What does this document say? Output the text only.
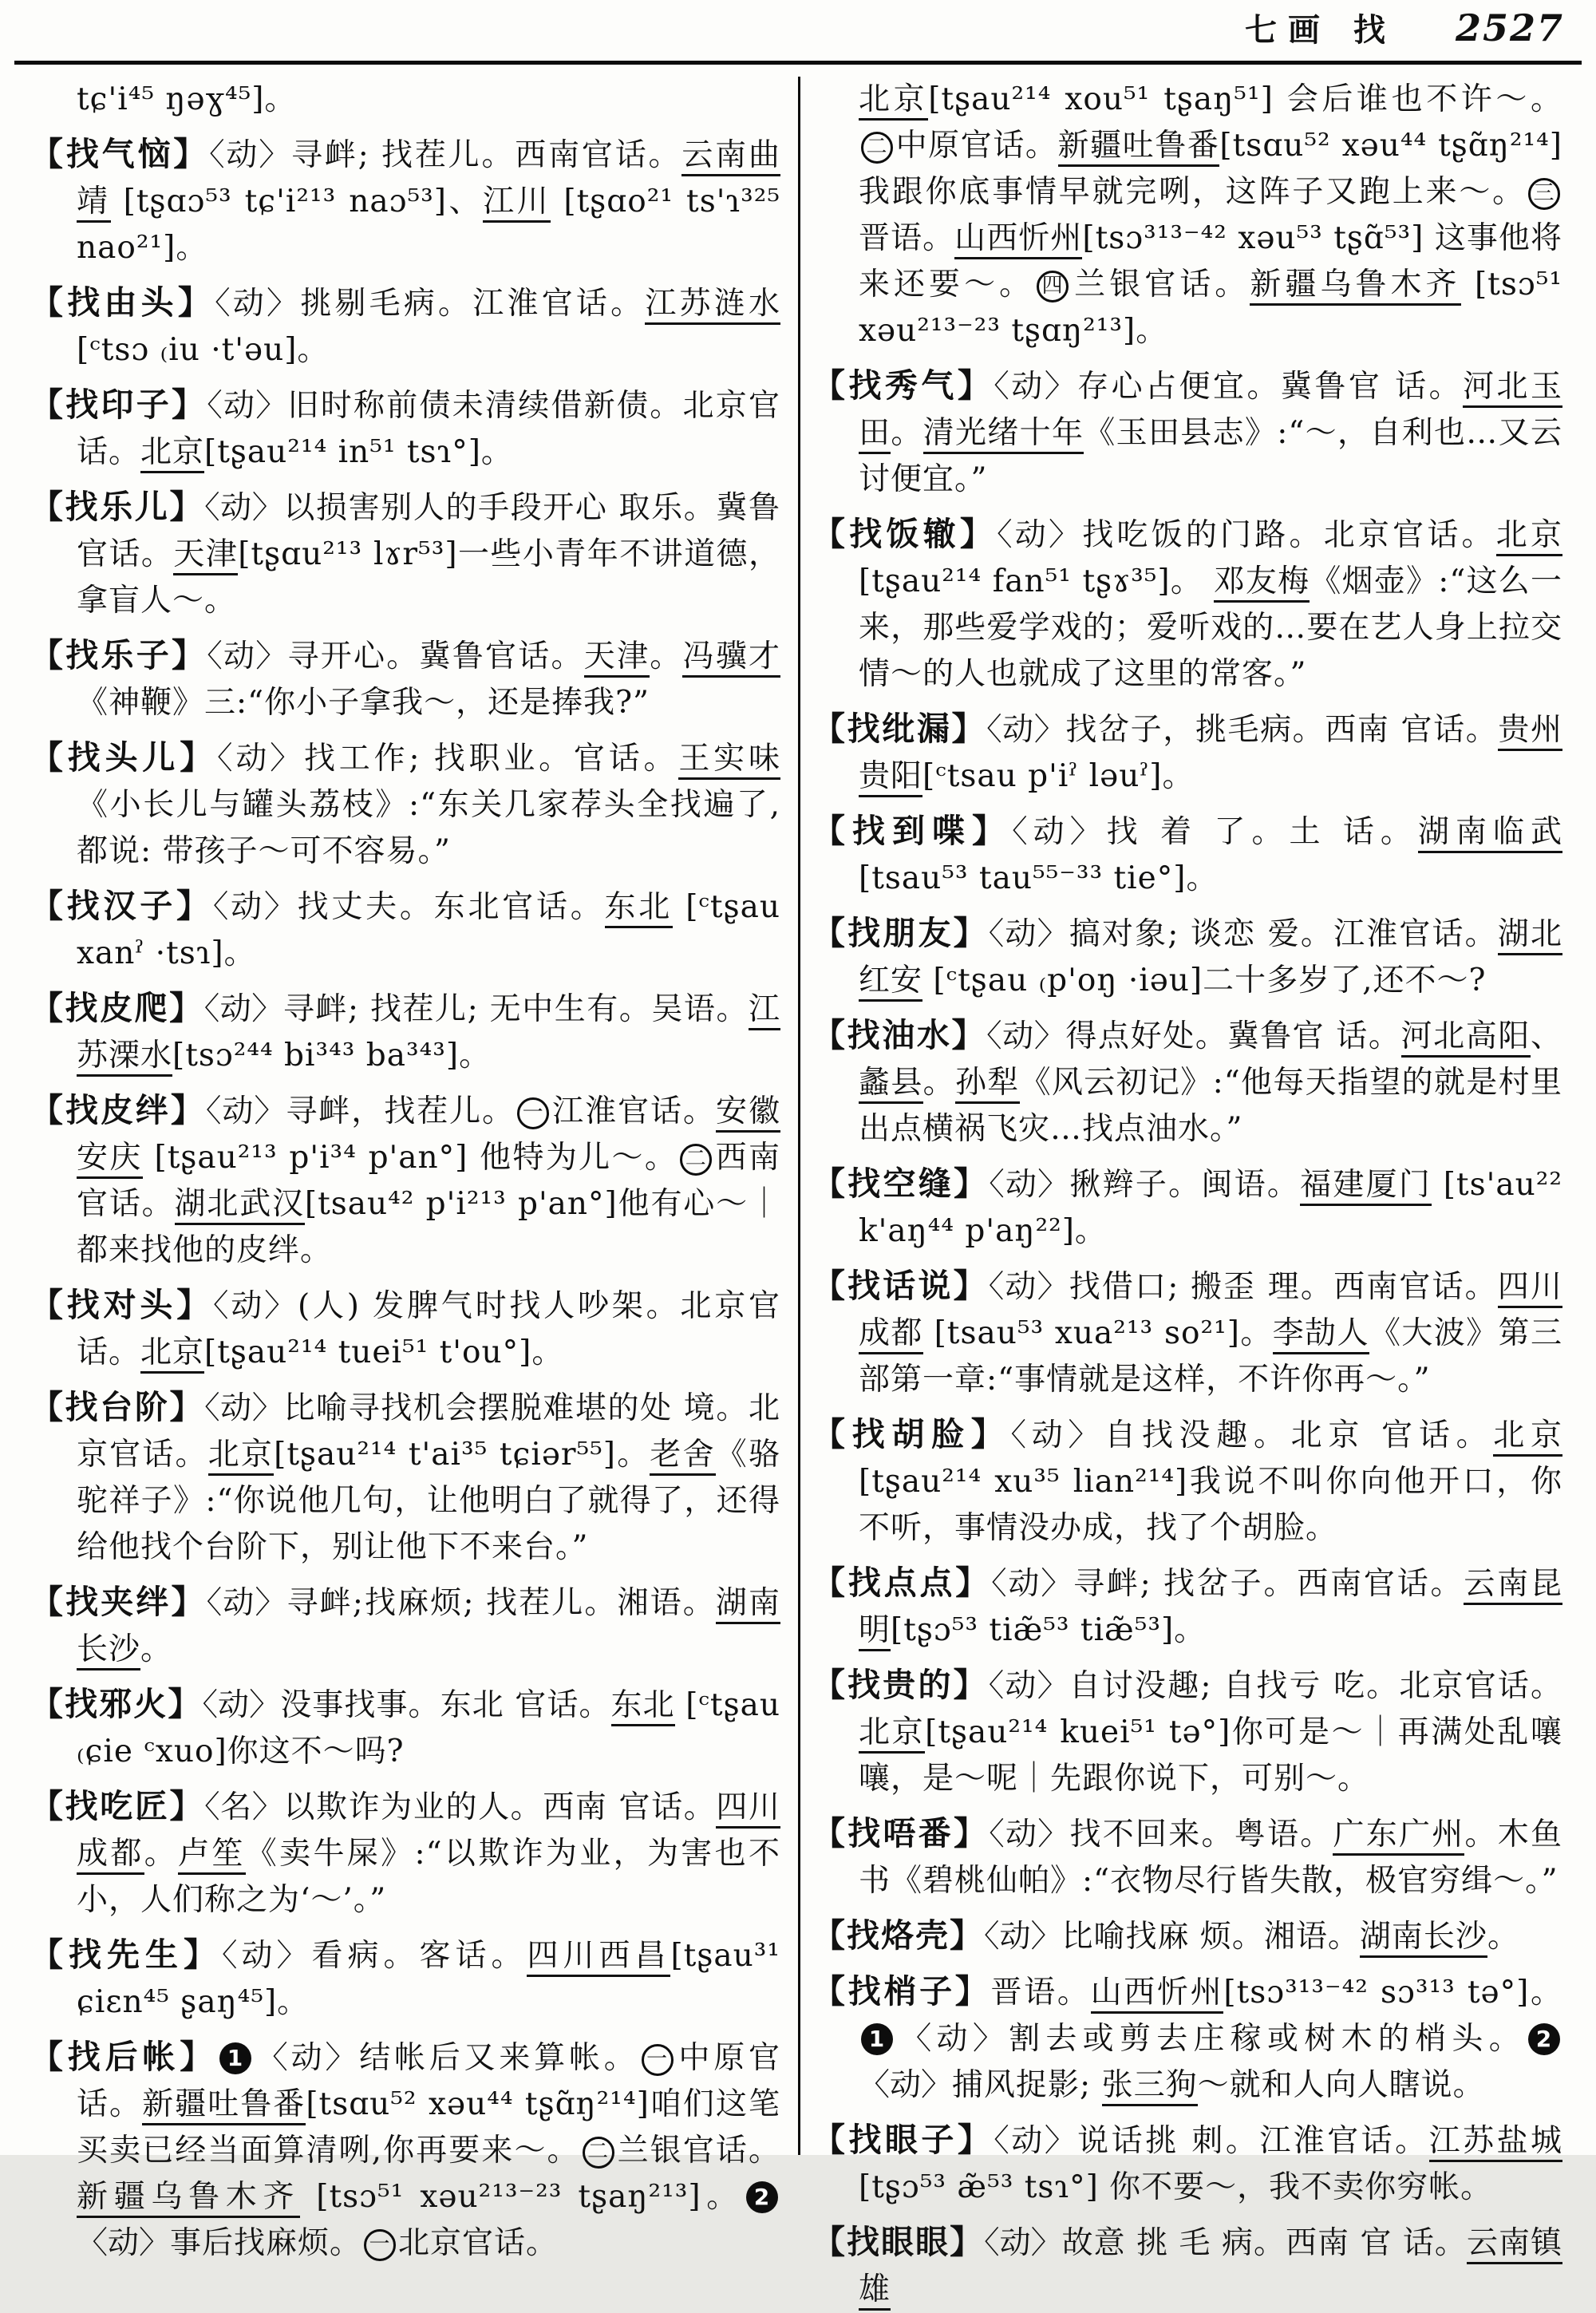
七画 找 2527

tɕ'i⁴⁵ ŋəɣ⁴⁵]。

【找气恼】〈动〉寻衅; 找茬儿。西南官话。云南曲靖 [tʂɑɔ⁵³ tɕ'i²¹³ naɔ⁵³]、江川 [tʂɑo²¹ ts'ɿ³²⁵ nao²¹]。

【找由头】〈动〉挑剔毛病。江淮官话。江苏涟水[ᶜtsɔ ₍iu ·t'əu]。

【找印子】〈动〉旧时称前债未清续借新债。北京官话。北京[tʂau²¹⁴ in⁵¹ tsɿ°]。

【找乐儿】〈动〉以损害别人的手段开心 取乐。冀鲁官话。天津[tʂɑu²¹³ lɤr⁵³]一些小青年不讲道德，拿盲人～。

【找乐子】〈动〉寻开心。冀鲁官话。天津。冯骥才《神鞭》三:“你小子拿我～，还是捧我?”

【找头儿】〈动〉找工作; 找职业。官话。王实味《小长儿与罐头荔枝》:“东关几家荐头全找遍了,都说: 带孩子～可不容易。”

【找汉子】〈动〉找丈夫。东北官话。东北 [ᶜtʂau xanˀ ·tsɿ]。

【找皮爬】〈动〉寻衅; 找茬儿; 无中生有。吴语。江苏溧水[tsɔ²⁴⁴ bi³⁴³ ba³⁴³]。

【找皮绊】〈动〉寻衅，找茬儿。 一 江淮官话。安徽安庆 [tʂau²¹³ p'i³⁴ p'an°] 他特为儿～。 二 西南官话。湖北武汉[tsau⁴² p'i²¹³ p'an°]他有心～｜都来找他的皮绊。

【找对头】〈动〉(人) 发脾气时找人吵架。北京官话。北京[tʂau²¹⁴ tuei⁵¹ t'ou°]。

【找台阶】〈动〉比喻寻找机会摆脱难堪的处 境。北京官话。北京[tʂau²¹⁴ t'ai³⁵ tɕiər⁵⁵]。老舍《骆驼祥子》:“你说他几句，让他明白了就得了，还得给他找个台阶下，别让他下不来台。”

【找夹绊】〈动〉寻衅;找麻烦; 找茬儿。湘语。湖南长沙。

【找邪火】〈动〉没事找事。东北 官话。东北 [ᶜtʂau ₍ɕie ᶜxuo]你这不～吗?

【找吃匠】〈名〉以欺诈为业的人。西南 官话。四川成都。卢笙《卖牛屎》:“以欺诈为业，为害也不小，人们称之为‘～’。”

【找先生】〈动〉看病。客话。四川西昌[tʂau³¹ ɕiɛn⁴⁵ ʂaŋ⁴⁵]。

【找后帐】 1 〈动〉结帐后又来算帐。 一 中原官话。新疆吐鲁番[tsɑu⁵² xəu⁴⁴ tʂɑ̃ŋ²¹⁴]咱们这笔买卖已经当面算清咧,你再要来～。 二 兰银官话。新疆乌鲁木齐 [tsɔ⁵¹ xəu²¹³⁻²³ tʂaŋ²¹³]。 2〈动〉事后找麻烦。 一 北京官话。

北京[tʂau²¹⁴ xou⁵¹ tʂaŋ⁵¹] 会后谁也不许～。二 中原官话。新疆吐鲁番[tsɑu⁵² xəu⁴⁴ tʂɑ̃ŋ²¹⁴]我跟你底事情早就完咧，这阵子又跑上来～。 三晋语。山西忻州[tsɔ³¹³⁻⁴² xəu⁵³ tʂɑ̃⁵³] 这事他将来还要～。 四 兰银官话。新疆乌鲁木齐 [tsɔ⁵¹ xəu²¹³⁻²³ tʂɑŋ²¹³]。

【找秀气】〈动〉存心占便宜。冀鲁官 话。河北玉田。清光绪十年《玉田县志》:“～，自利也…又云讨便宜。”

【找饭辙】〈动〉找吃饭的门路。北京官话。北京[tʂau²¹⁴ fan⁵¹ tʂɤ³⁵]。 邓友梅《烟壶》:“这么一来，那些爱学戏的；爱听戏的…要在艺人身上拉交情～的人也就成了这里的常客。”

【找纰漏】〈动〉找岔子，挑毛病。西南 官话。贵州贵阳[ᶜtsau p'iˀ ləuˀ]。

【找到喋】〈动〉找 着 了。土 话。湖南临武 [tsau⁵³ tau⁵⁵⁻³³ tie°]。

【找朋友】〈动〉搞对象; 谈恋 爱。江淮官话。湖北红安 [ᶜtʂau ₍p'oŋ ·iəu]二十多岁了,还不～?

【找油水】〈动〉得点好处。冀鲁官 话。河北高阳、蠡县。孙犁《风云初记》:“他每天指望的就是村里出点横祸飞灾…找点油水。”

【找空缝】〈动〉揪辫子。闽语。福建厦门 [ts'au²² k'aŋ⁴⁴ p'aŋ²²]。

【找话说】〈动〉找借口; 搬歪 理。西南官话。四川成都 [tsau⁵³ xua²¹³ so²¹]。李劼人《大波》第三部第一章:“事情就是这样，不许你再～。”

【找胡脸】〈动〉自找没趣。北京 官话。北京 [tʂau²¹⁴ xu³⁵ lian²¹⁴]我说不叫你向他开口，你不听，事情没办成，找了个胡脸。

【找点点】〈动〉寻衅; 找岔子。西南官话。云南昆明[tʂɔ⁵³ tiæ̃⁵³ tiæ̃⁵³]。

【找贵的】〈动〉自讨没趣; 自找亏 吃。北京官话。北京[tʂau²¹⁴ kuei⁵¹ tə°]你可是～｜再满处乱嚷嚷，是～呢｜先跟你说下，可别～。

【找唔番】〈动〉找不回来。粤语。广东广州。木鱼书《碧桃仙帕》:“衣物尽行皆失散，极官穷缉～。”

【找烙壳】〈动〉比喻找麻 烦。湘语。湖南长沙。

【找梢子】晋语。山西忻州[tsɔ³¹³⁻⁴² sɔ³¹³ tə°]。1 〈动〉割去或剪去庄稼或树木的梢头。 2〈动〉捕风捉影; 张三狗～就和人向人瞎说。

【找眼子】〈动〉说话挑 刺。江淮官话。江苏盐城[tʂɔ⁵³ æ̃⁵³ tsɿ°] 你不要～，我不卖你穷帐。

【找眼眼】〈动〉故意 挑 毛 病。西南 官 话。云南镇雄
